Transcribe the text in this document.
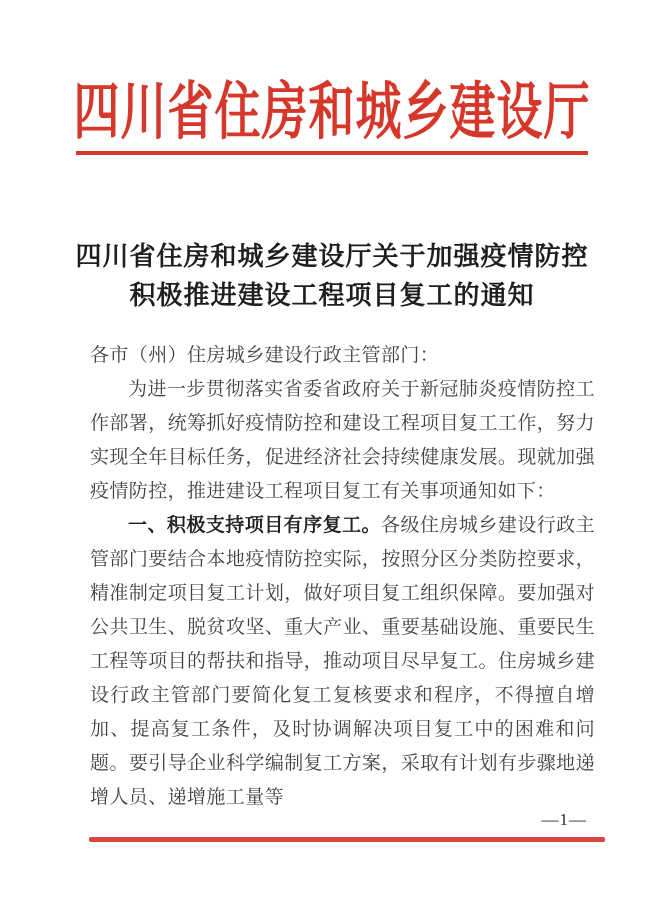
四川省住房和城乡建设厅
四川省住房和城乡建设厅关于加强疫情防控
积极推进建设工程项目复工的通知

各市（州）住房城乡建设行政主管部门：

为进一步贯彻落实省委省政府关于新冠肺炎疫情防控工作部署，统筹抓好疫情防控和建设工程项目复工工作，努力实现全年目标任务，促进经济社会持续健康发展。现就加强疫情防控，推进建设工程项目复工有关事项通知如下：

一、积极支持项目有序复工。各级住房城乡建设行政主管部门要结合本地疫情防控实际，按照分区分类防控要求，精准制定项目复工计划，做好项目复工组织保障。要加强对公共卫生、脱贫攻坚、重大产业、重要基础设施、重要民生工程等项目的帮扶和指导，推动项目尽早复工。住房城乡建设行政主管部门要简化复工复核要求和程序，不得擅自增加、提高复工条件，及时协调解决项目复工中的困难和问题。要引导企业科学编制复工方案，采取有计划有步骤地递增人员、递增施工量等

—1—
